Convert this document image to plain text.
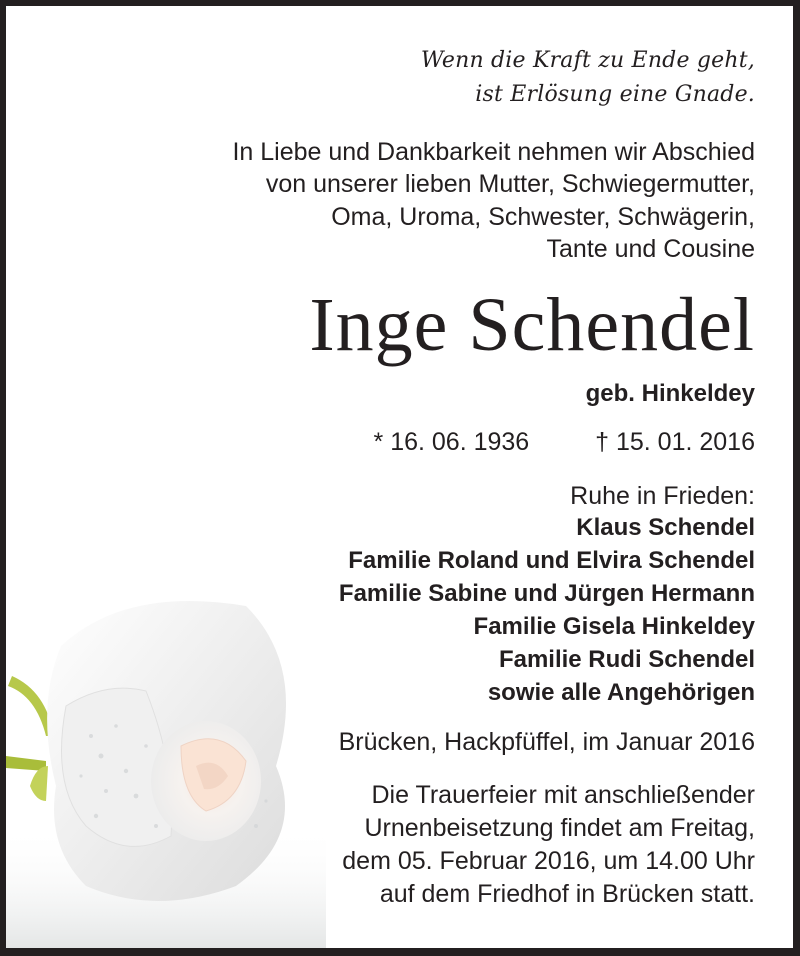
Wenn die Kraft zu Ende geht,
ist Erlösung eine Gnade.
In Liebe und Dankbarkeit nehmen wir Abschied
von unserer lieben Mutter, Schwiegermutter,
Oma, Uroma, Schwester, Schwägerin,
Tante und Cousine
Inge Schendel
geb. Hinkeldey
* 16. 06. 1936	† 15. 01. 2016
Ruhe in Frieden:
Klaus Schendel
Familie Roland und Elvira Schendel
Familie Sabine und Jürgen Hermann
Familie Gisela Hinkeldey
Familie Rudi Schendel
sowie alle Angehörigen
Brücken, Hackpfüffel, im Januar 2016
Die Trauerfeier mit anschließender
Urnenbeisetzung findet am Freitag,
dem 05. Februar 2016, um 14.00 Uhr
auf dem Friedhof in Brücken statt.
